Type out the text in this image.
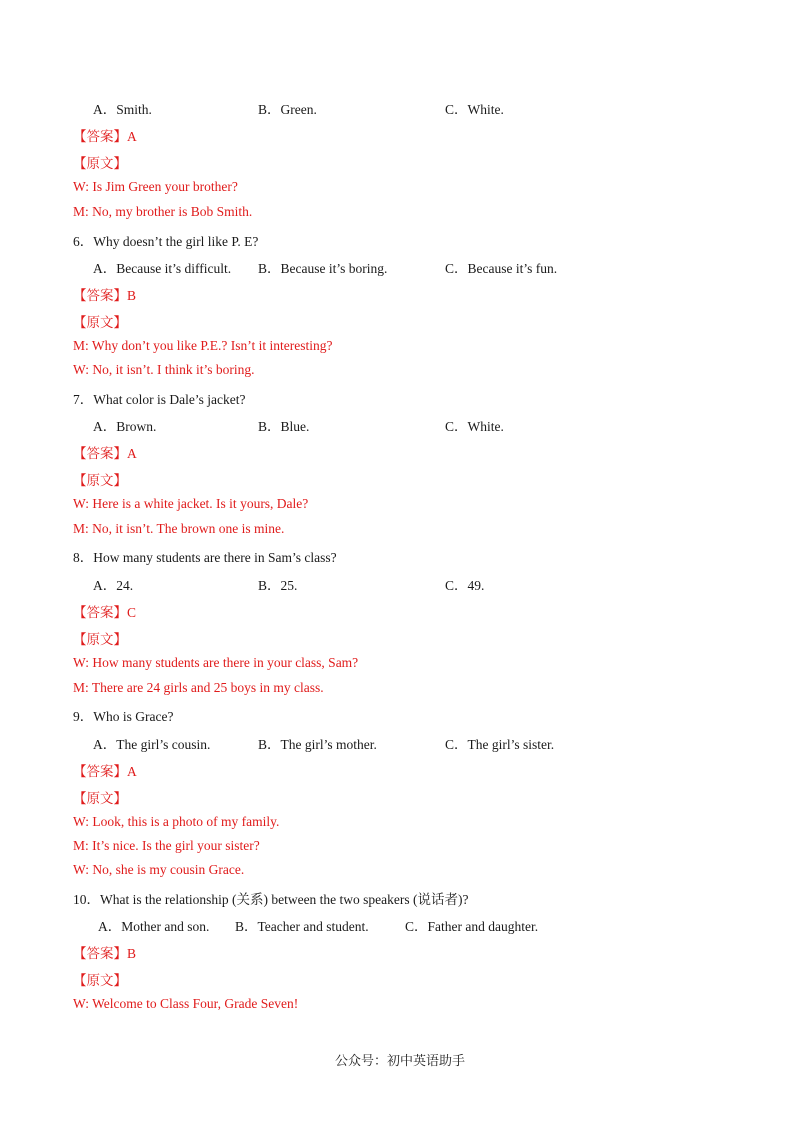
A．Smith.	B．Green.	C．White.
【答案】A
【原文】
W: Is Jim Green your brother?
M: No, my brother is Bob Smith.
6．Why doesn’t the girl like P. E?
A．Because it’s difficult. B．Because it’s boring.	C．Because it’s fun.
【答案】B
【原文】
M: Why don’t you like P.E.? Isn’t it interesting?
W: No, it isn’t. I think it’s boring.
7．What color is Dale’s jacket?
A．Brown.	B．Blue.	C．White.
【答案】A
【原文】
W: Here is a white jacket. Is it yours, Dale?
M: No, it isn’t. The brown one is mine.
8．How many students are there in Sam’s class?
A．24.	B．25.	C．49.
【答案】C
【原文】
W: How many students are there in your class, Sam?
M: There are 24 girls and 25 boys in my class.
9．Who is Grace?
A．The girl’s cousin.	B．The girl’s mother.	C．The girl’s sister.
【答案】A
【原文】
W: Look, this is a photo of my family.
M: It’s nice. Is the girl your sister?
W: No, she is my cousin Grace.
10．What is the relationship (关系) between the two speakers (说话者)?
A．Mother and son. B．Teacher and student.	C．Father and daughter.
【答案】B
【原文】
W: Welcome to Class Four, Grade Seven!
公众号：初中英语助手
